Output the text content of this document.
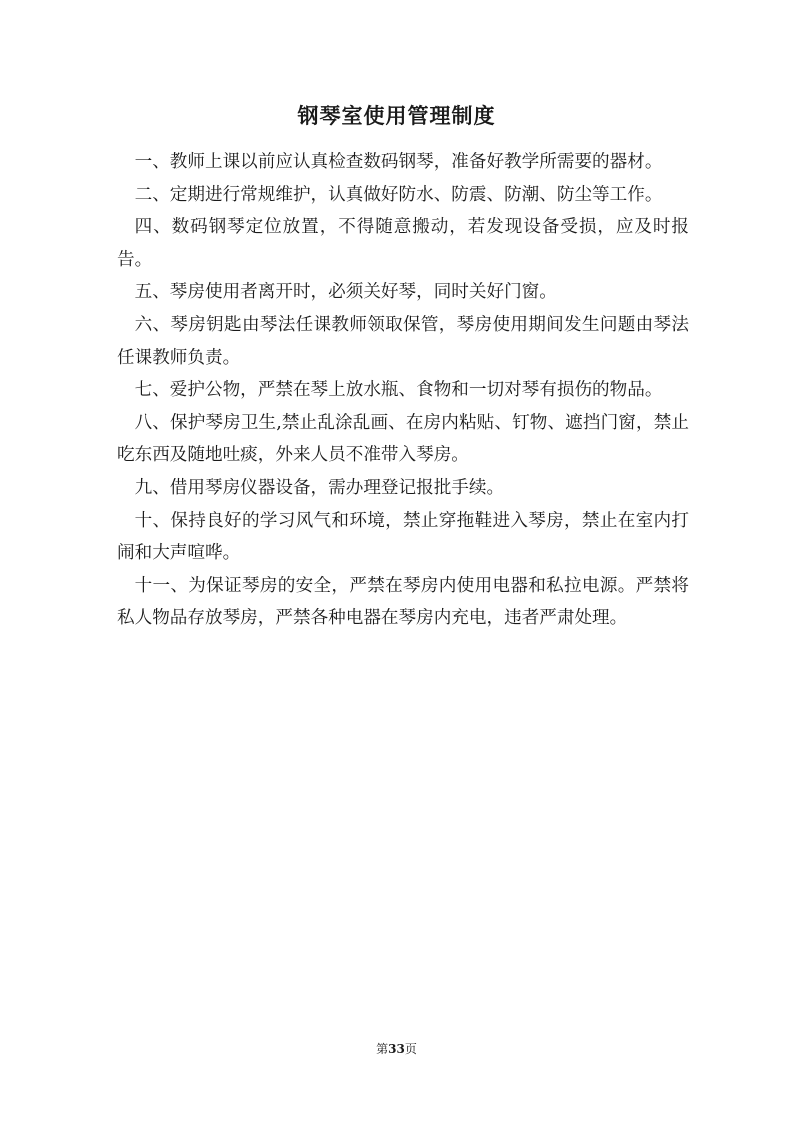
钢琴室使用管理制度

一、教师上课以前应认真检查数码钢琴，准备好教学所需要的器材。

二、定期进行常规维护，认真做好防水、防震、防潮、防尘等工作。

四、数码钢琴定位放置，不得随意搬动，若发现设备受损，应及时报告。

五、琴房使用者离开时，必须关好琴，同时关好门窗。

六、琴房钥匙由琴法任课教师领取保管，琴房使用期间发生问题由琴法任课教师负责。

七、爱护公物，严禁在琴上放水瓶、食物和一切对琴有损伤的物品。

八、保护琴房卫生,禁止乱涂乱画、在房内粘贴、钉物、遮挡门窗，禁止吃东西及随地吐痰，外来人员不准带入琴房。

九、借用琴房仪器设备，需办理登记报批手续。

十、保持良好的学习风气和环境，禁止穿拖鞋进入琴房，禁止在室内打闹和大声喧哗。

十一、为保证琴房的安全，严禁在琴房内使用电器和私拉电源。严禁将私人物品存放琴房，严禁各种电器在琴房内充电，违者严肃处理。

第33页
